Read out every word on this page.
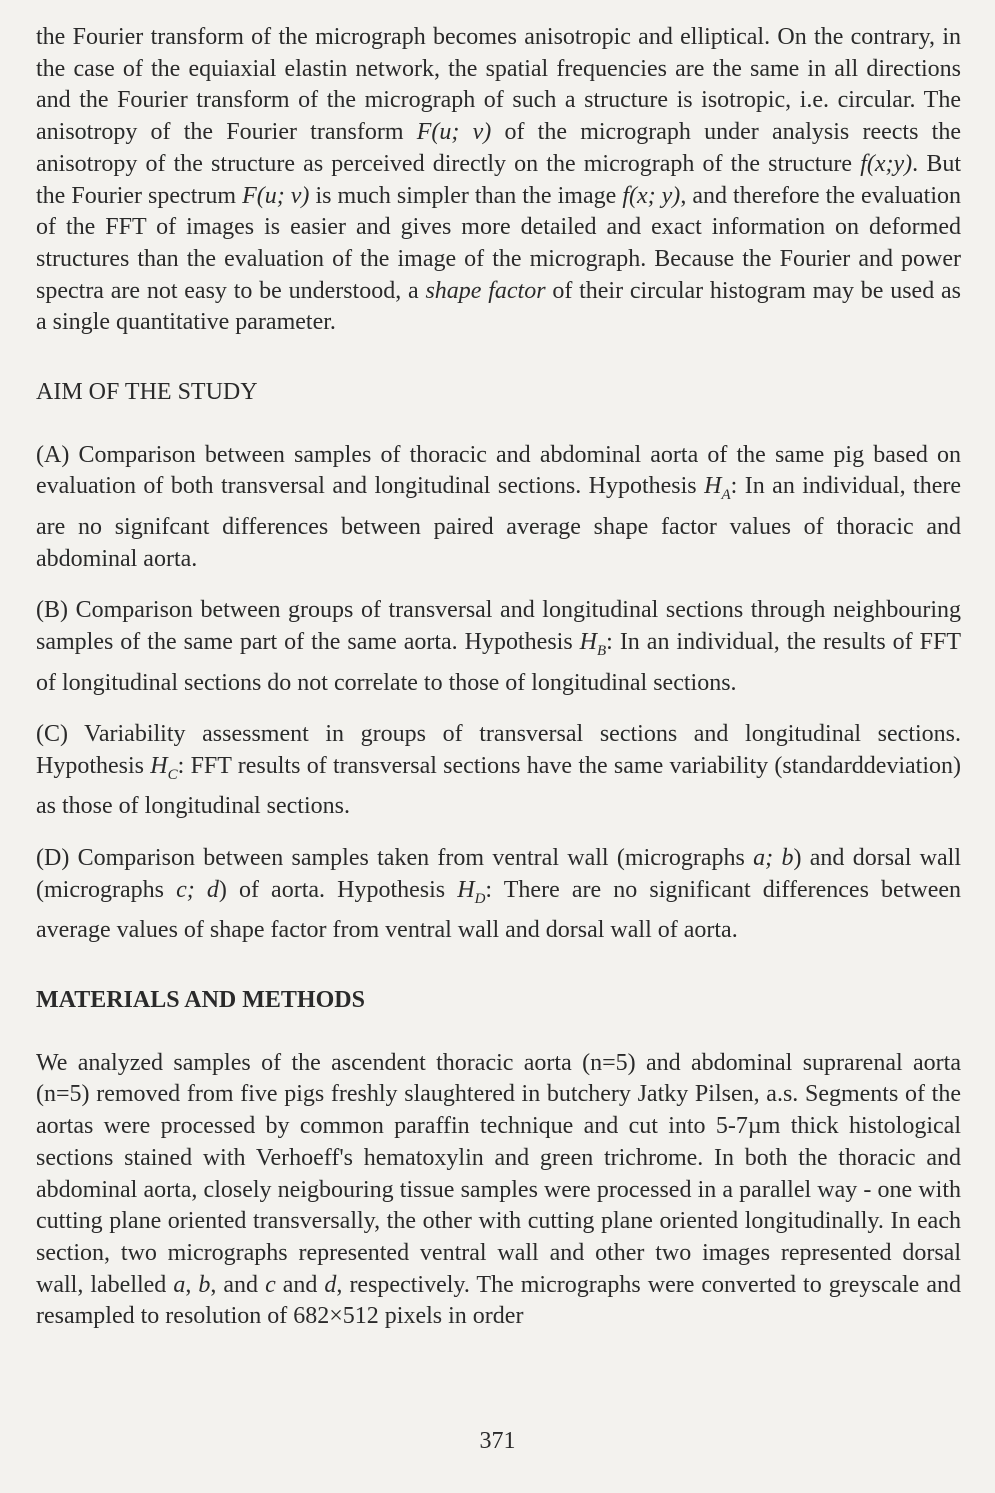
the Fourier transform of the micrograph becomes anisotropic and elliptical. On the contrary, in the case of the equiaxial elastin network, the spatial frequencies are the same in all directions and the Fourier transform of the micrograph of such a structure is isotropic, i.e. circular. The anisotropy of the Fourier transform F(u; v) of the micrograph under analysis reects the anisotropy of the structure as perceived directly on the micrograph of the structure f(x;y). But the Fourier spectrum F(u; v) is much simpler than the image f(x; y), and therefore the evaluation of the FFT of images is easier and gives more detailed and exact information on deformed structures than the evaluation of the image of the micrograph. Because the Fourier and power spectra are not easy to be understood, a shape factor of their circular histogram may be used as a single quantitative parameter.

AIM OF THE STUDY

(A) Comparison between samples of thoracic and abdominal aorta of the same pig based on evaluation of both transversal and longitudinal sections. Hypothesis $H_A$: In an individual, there are no signifcant differences between paired average shape factor values of thoracic and abdominal aorta.

(B) Comparison between groups of transversal and longitudinal sections through neighbouring samples of the same part of the same aorta. Hypothesis $H_B$: In an individual, the results of FFT of longitudinal sections do not correlate to those of longitudinal sections.

(C) Variability assessment in groups of transversal sections and longitudinal sections. Hypothesis $H_C$: FFT results of transversal sections have the same variability (standarddeviation) as those of longitudinal sections.

(D) Comparison between samples taken from ventral wall (micrographs a; b) and dorsal wall (micrographs c; d) of aorta. Hypothesis $H_D$: There are no significant differences between average values of shape factor from ventral wall and dorsal wall of aorta.

MATERIALS AND METHODS

We analyzed samples of the ascendent thoracic aorta (n=5) and abdominal suprarenal aorta (n=5) removed from five pigs freshly slaughtered in butchery Jatky Pilsen, a.s. Segments of the aortas were processed by common paraffin technique and cut into 5-7µm thick histological sections stained with Verhoeff's hematoxylin and green trichrome. In both the thoracic and abdominal aorta, closely neigbouring tissue samples were processed in a parallel way - one with cutting plane oriented transversally, the other with cutting plane oriented longitudinally. In each section, two micrographs represented ventral wall and other two images represented dorsal wall, labelled a, b, and c and d, respectively. The micrographs were converted to greyscale and resampled to resolution of 682×512 pixels in order

371
